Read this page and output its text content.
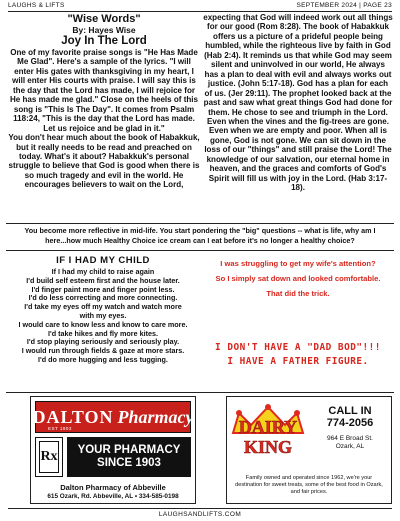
LAUGHS & LIFTS	SEPTEMBER 2024 | PAGE 23

"Wise Words"

By: Hayes Wise

Joy In The Lord

One of my favorite praise songs is "He Has Made Me Glad". Here's a sample of the lyrics. "I will enter His gates with thanksgiving in my heart, I will enter His courts with praise. I will say this is the day that the Lord has made, I will rejoice for He has made me glad." Close on the heels of this song is "This Is The Day". It comes from Psalm 118:24, "This is the day that the Lord has made. Let us rejoice and be glad in it."

You don't hear much about the book of Habakkuk, but it really needs to be read and preached on today. What's it about? Habakkuk's personal struggle to believe that God is good when there is so much tragedy and evil in the world. He encourages believers to wait on the Lord,

expecting that God will indeed work out all things for our good (Rom 8:28). The book of Habakkuk offers us a picture of a prideful people being humbled, while the righteous live by faith in God (Hab 2:4). It reminds us that while God may seem silent and uninvolved in our world, He always has a plan to deal with evil and always works out justice. (John 5:17-18). God has a plan for each of us. (Jer 29:11). The prophet looked back at the past and saw what great things God had done for them. He chose to see and triumph in the Lord. Even when the vines and the fig-trees are gone. Even when we are empty and poor. When all is gone, God is not gone. We can sit down in the loss of our "things" and still praise the Lord! The knowledge of our salvation, our eternal home in heaven, and the graces and comforts of God's Spirit will fill us with joy in the Lord. (Hab 3:17-18).

You become more reflective in mid-life. You start pondering the "big" questions -- what is life, why am I here...how much Healthy Choice ice cream can I eat before it's no longer a healthy choice?
IF I HAD MY CHILD

If I had my child to raise again

I'd build self esteem first and the house later.

I'd finger paint more and finger point less.

I'd do less correcting and more connecting.

I'd take my eyes off my watch and watch more

with my eyes.

I would care to know less and know to care more.

I'd take hikes and fly more kites.

I'd stop playing seriously and seriously play.

I would run through fields & gaze at more stars.

I'd do more hugging and less tugging.

I was struggling to get my wife's attention?

So I simply sat down and looked comfortable.

That did the trick.

I DON'T HAVE A "DAD BOD"!!!

I HAVE A FATHER FIGURE.

DALTON Pharmacy
EST 1903
Rx	YOUR PHARMACY
SINCE 1903
Dalton Pharmacy of Abbeville
615 Ozark, Rd. Abbeville, AL • 334-585-0198
DAIRY
KING
CALL IN
774-2056
964 E Broad St.
Ozark, AL
Family owned and operated since 1962, we're your destination for sweet treats, some of the best food in Ozark, and fair prices.
LAUGHSANDLIFTS.COM
